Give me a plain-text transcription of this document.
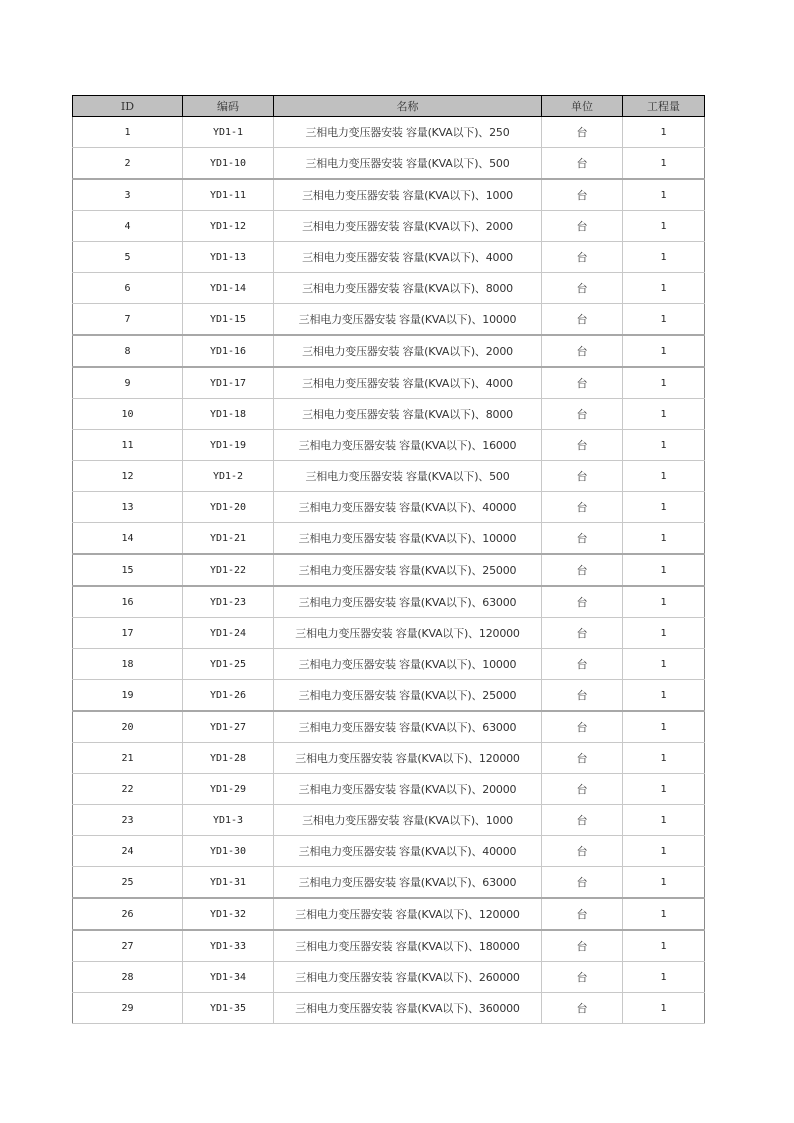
ID	编码	名称	单位	工程量
1	YD1-1	三相电力变压器安装 容量(KVA以下)、250	台	1
2	YD1-10	三相电力变压器安装 容量(KVA以下)、500	台	1
3	YD1-11	三相电力变压器安装 容量(KVA以下)、1000	台	1
4	YD1-12	三相电力变压器安装 容量(KVA以下)、2000	台	1
5	YD1-13	三相电力变压器安装 容量(KVA以下)、4000	台	1
6	YD1-14	三相电力变压器安装 容量(KVA以下)、8000	台	1
7	YD1-15	三相电力变压器安装 容量(KVA以下)、10000	台	1
8	YD1-16	三相电力变压器安装 容量(KVA以下)、2000	台	1
9	YD1-17	三相电力变压器安装 容量(KVA以下)、4000	台	1
10	YD1-18	三相电力变压器安装 容量(KVA以下)、8000	台	1
11	YD1-19	三相电力变压器安装 容量(KVA以下)、16000	台	1
12	YD1-2	三相电力变压器安装 容量(KVA以下)、500	台	1
13	YD1-20	三相电力变压器安装 容量(KVA以下)、40000	台	1
14	YD1-21	三相电力变压器安装 容量(KVA以下)、10000	台	1
15	YD1-22	三相电力变压器安装 容量(KVA以下)、25000	台	1
16	YD1-23	三相电力变压器安装 容量(KVA以下)、63000	台	1
17	YD1-24	三相电力变压器安装 容量(KVA以下)、120000	台	1
18	YD1-25	三相电力变压器安装 容量(KVA以下)、10000	台	1
19	YD1-26	三相电力变压器安装 容量(KVA以下)、25000	台	1
20	YD1-27	三相电力变压器安装 容量(KVA以下)、63000	台	1
21	YD1-28	三相电力变压器安装 容量(KVA以下)、120000	台	1
22	YD1-29	三相电力变压器安装 容量(KVA以下)、20000	台	1
23	YD1-3	三相电力变压器安装 容量(KVA以下)、1000	台	1
24	YD1-30	三相电力变压器安装 容量(KVA以下)、40000	台	1
25	YD1-31	三相电力变压器安装 容量(KVA以下)、63000	台	1
26	YD1-32	三相电力变压器安装 容量(KVA以下)、120000	台	1
27	YD1-33	三相电力变压器安装 容量(KVA以下)、180000	台	1
28	YD1-34	三相电力变压器安装 容量(KVA以下)、260000	台	1
29	YD1-35	三相电力变压器安装 容量(KVA以下)、360000	台	1
